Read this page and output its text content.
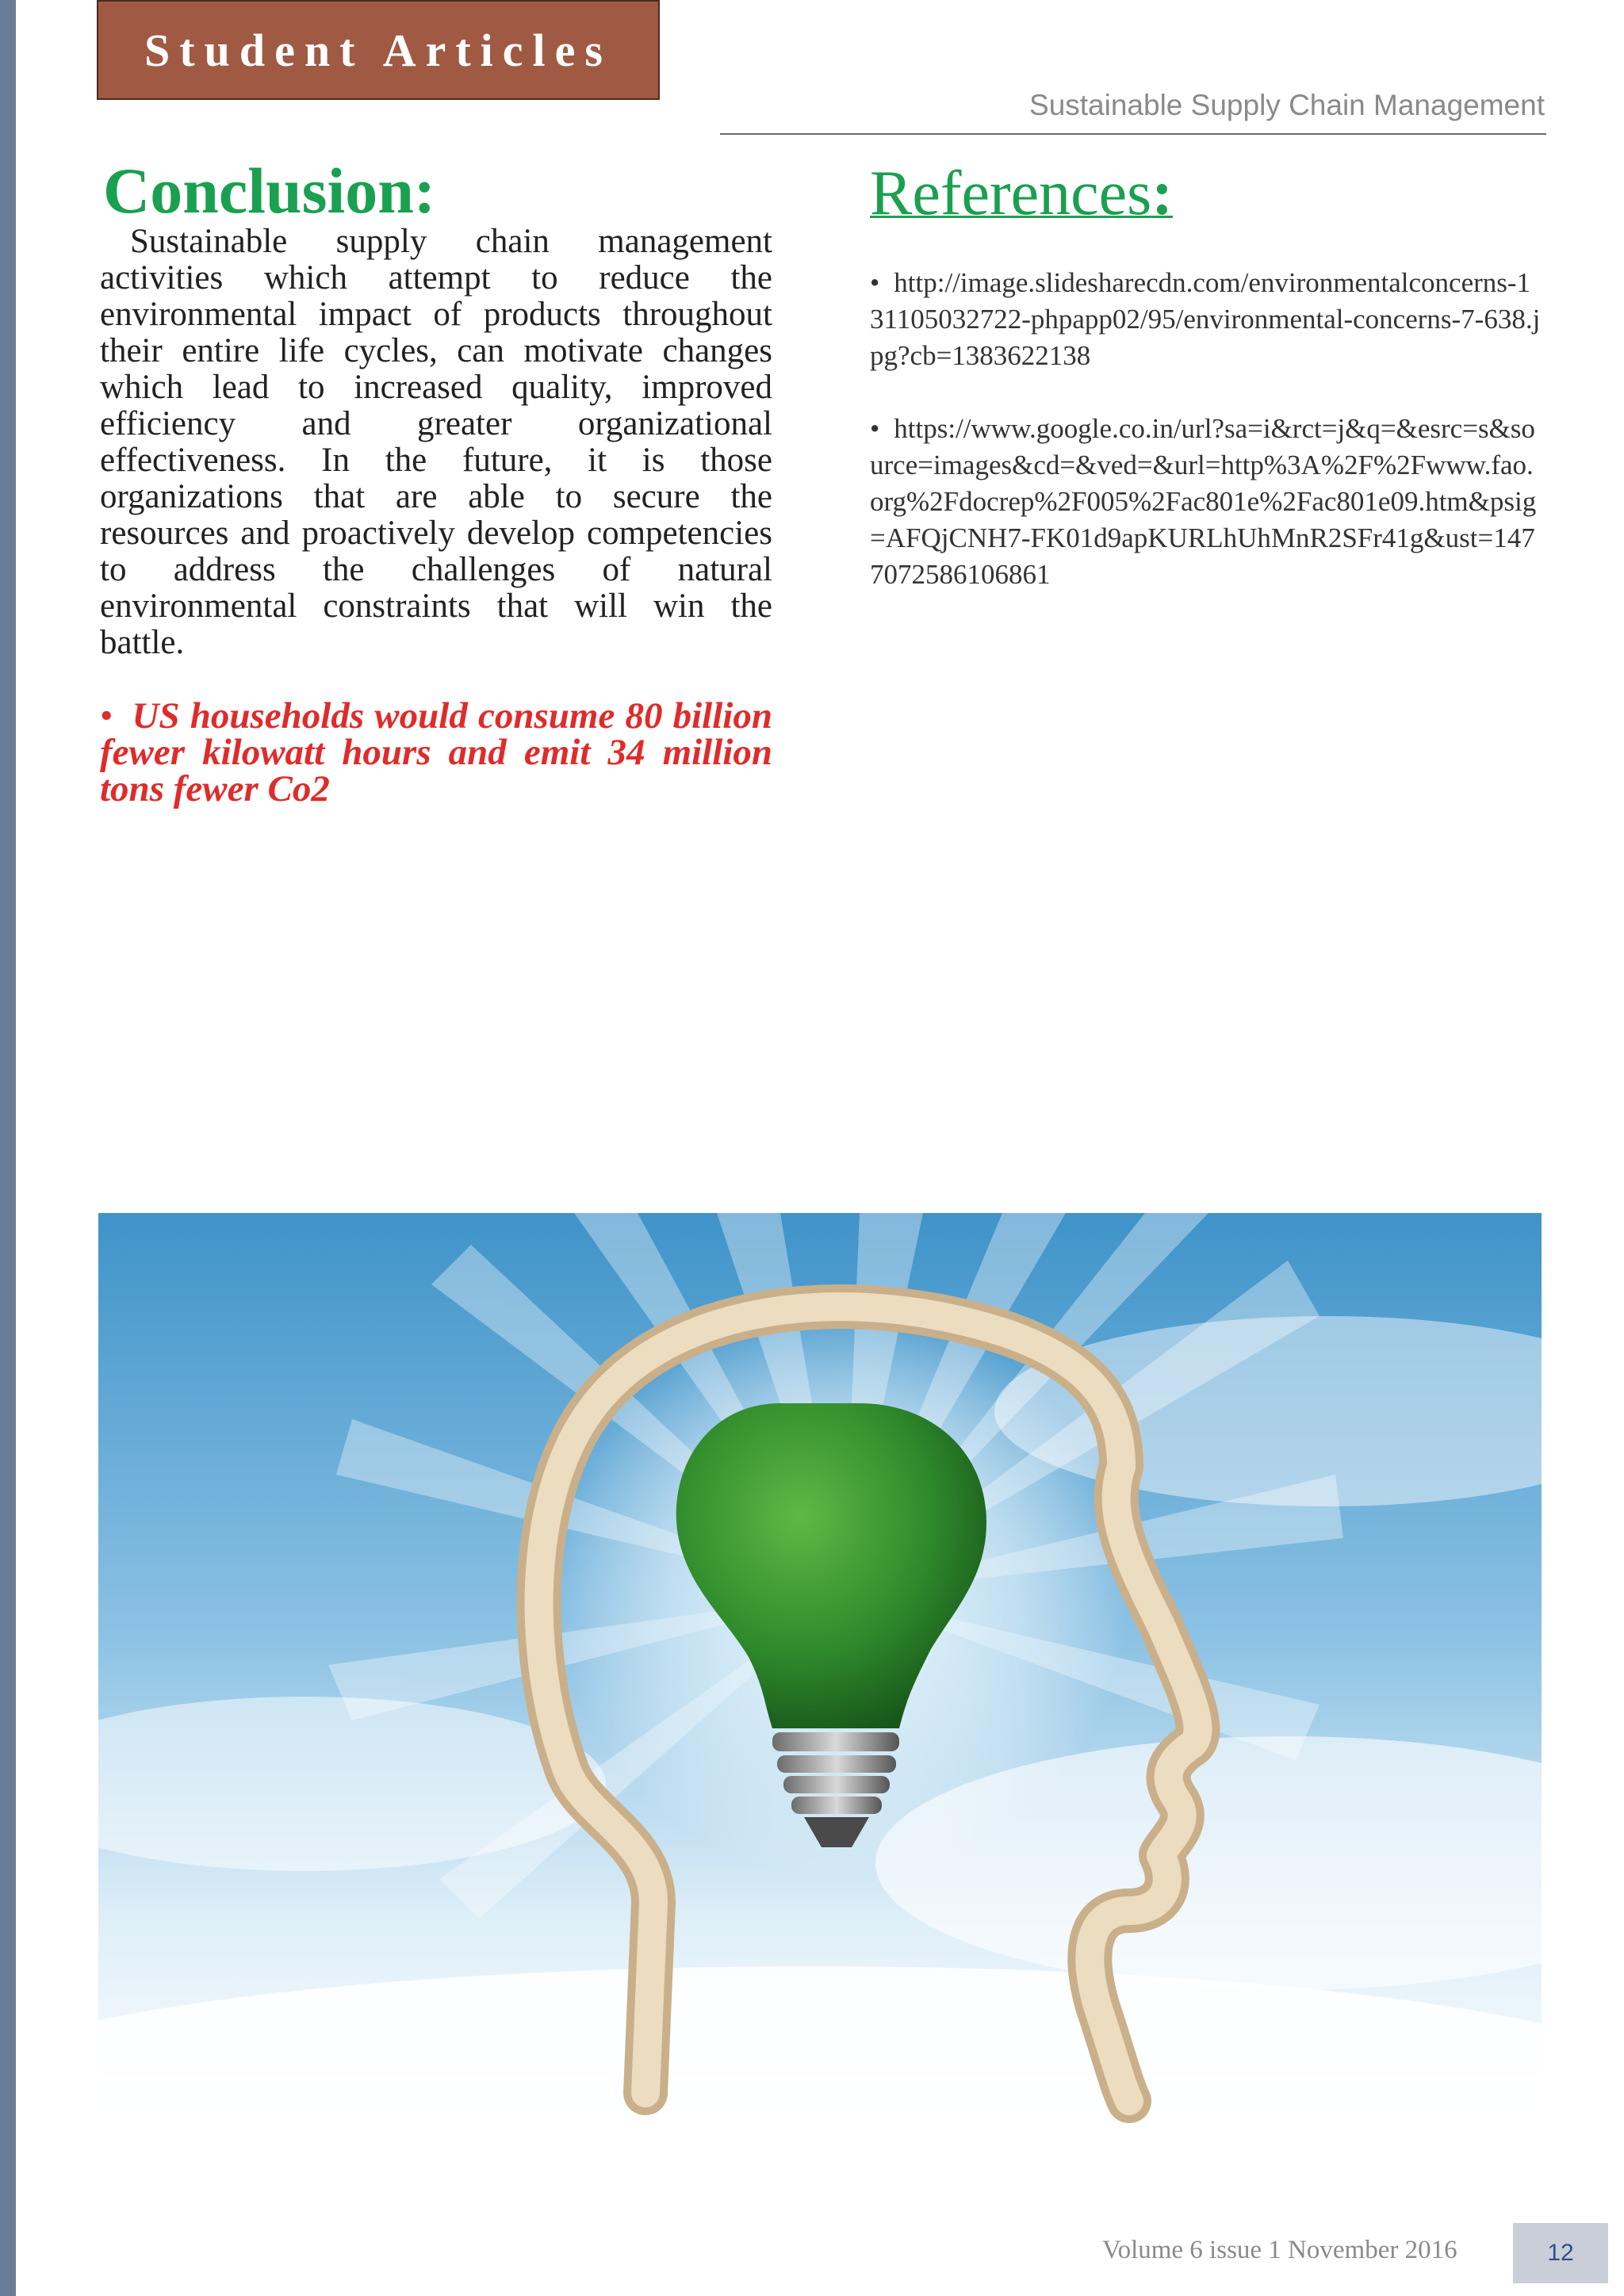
Student Articles
Sustainable Supply Chain Management
Conclusion:

Sustainable supply chain management activities which attempt to reduce the environmental impact of products throughout their entire life cycles, can motivate changes which lead to increased quality, improved efficiency and greater organizational effectiveness. In the future, it is those organizations that are able to secure the resources and proactively develop competencies to address the challenges of natural environmental constraints that will win the battle.

• US households would consume 80 billion fewer kilowatt hours and emit 34 million tons fewer Co2

References:
• http://image.slidesharecdn.com/environmentalconcerns-131105032722-phpapp02/95/environmental-concerns-7-638.jpg?cb=1383622138
• https://www.google.co.in/url?sa=i&rct=j&q=&esrc=s&source=images&cd=&ved=&url=http%3A%2F%2Fwww.fao.org%2Fdocrep%2F005%2Fac801e%2Fac801e09.htm&psig=AFQjCNH7-FK01d9apKURLhUhMnR2SFr41g&ust=1477072586106861
Volume 6 issue 1 November 2016	12
